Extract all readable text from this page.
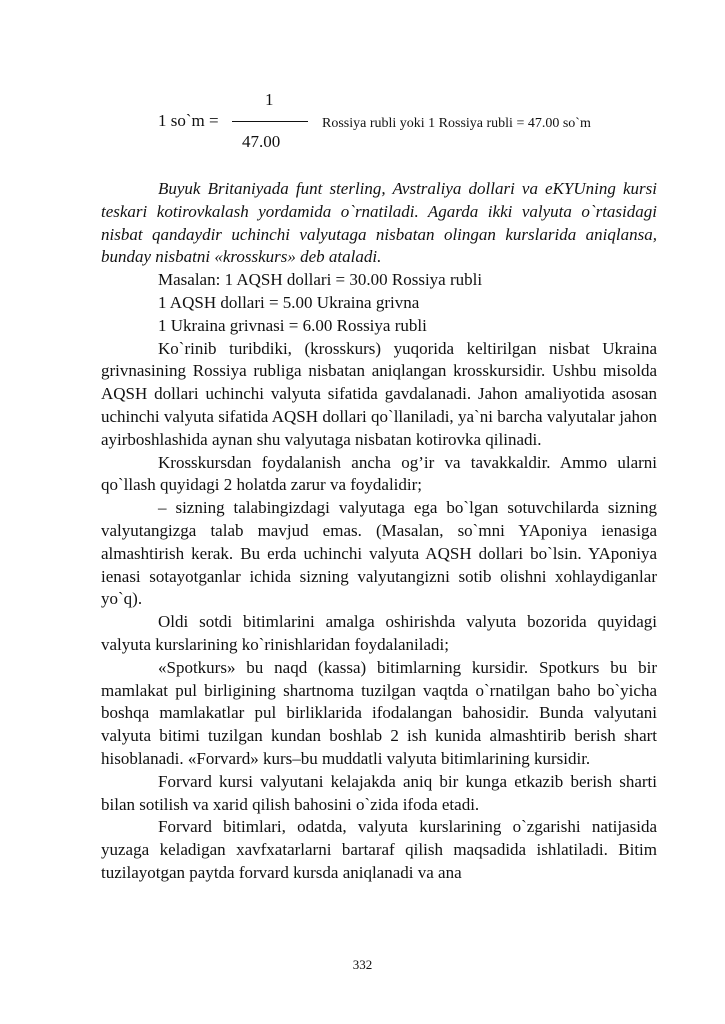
1 so`m =
1
47.00
Rossiya rubli yoki 1 Rossiya rubli = 47.00 so`m

Buyuk Britaniyada funt sterling, Avstraliya dollari va eKYUning kursi teskari kotirovkalash yordamida o`rnatiladi. Agarda ikki valyuta o`rtasidagi nisbat qandaydir uchinchi valyutaga nisbatan olingan kurslarida aniqlansa, bunday nisbatni «krosskurs» deb ataladi.

Masalan: 1 AQSH dollari = 30.00 Rossiya rubli

1 AQSH dollari = 5.00 Ukraina grivna

1 Ukraina grivnasi = 6.00 Rossiya rubli

Ko`rinib turibdiki, (krosskurs) yuqorida keltirilgan nisbat Ukraina grivnasining Rossiya rubliga nisbatan aniqlangan krosskursidir. Ushbu misolda AQSH dollari uchinchi valyuta sifatida gavdalanadi. Jahon amaliyotida asosan uchinchi valyuta sifatida AQSH dollari qo`llaniladi, ya`ni barcha valyutalar jahon ayirboshlashida aynan shu valyutaga nisbatan kotirovka qilinadi.

Krosskursdan foydalanish ancha og’ir va tavakkaldir. Ammo ularni qo`llash quyidagi 2 holatda zarur va foydalidir;

– sizning talabingizdagi valyutaga ega bo`lgan sotuvchilarda sizning valyutangizga talab mavjud emas. (Masalan, so`mni YAponiya ienasiga almashtirish kerak. Bu erda uchinchi valyuta AQSH dollari bo`lsin. YAponiya ienasi sotayotganlar ichida sizning valyutangizni sotib olishni xohlaydiganlar yo`q).

Oldi sotdi bitimlarini amalga oshirishda valyuta bozorida quyidagi valyuta kurslarining ko`rinishlaridan foydalaniladi;

«Spotkurs» bu naqd (kassa) bitimlarning kursidir. Spotkurs bu bir mamlakat pul birligining shartnoma tuzilgan vaqtda o`rnatilgan baho bo`yicha boshqa mamlakatlar pul birliklarida ifodalangan bahosidir. Bunda valyutani valyuta bitimi tuzilgan kundan boshlab 2 ish kunida almashtirib berish shart hisoblanadi. «Forvard» kurs–bu muddatli valyuta bitimlarining kursidir.

Forvard kursi valyutani kelajakda aniq bir kunga etkazib berish sharti bilan sotilish va xarid qilish bahosini o`zida ifoda etadi.

Forvard bitimlari, odatda, valyuta kurslarining o`zgarishi natijasida yuzaga keladigan xavfxatarlarni bartaraf qilish maqsadida ishlatiladi. Bitim tuzilayotgan paytda forvard kursda aniqlanadi va ana

332
